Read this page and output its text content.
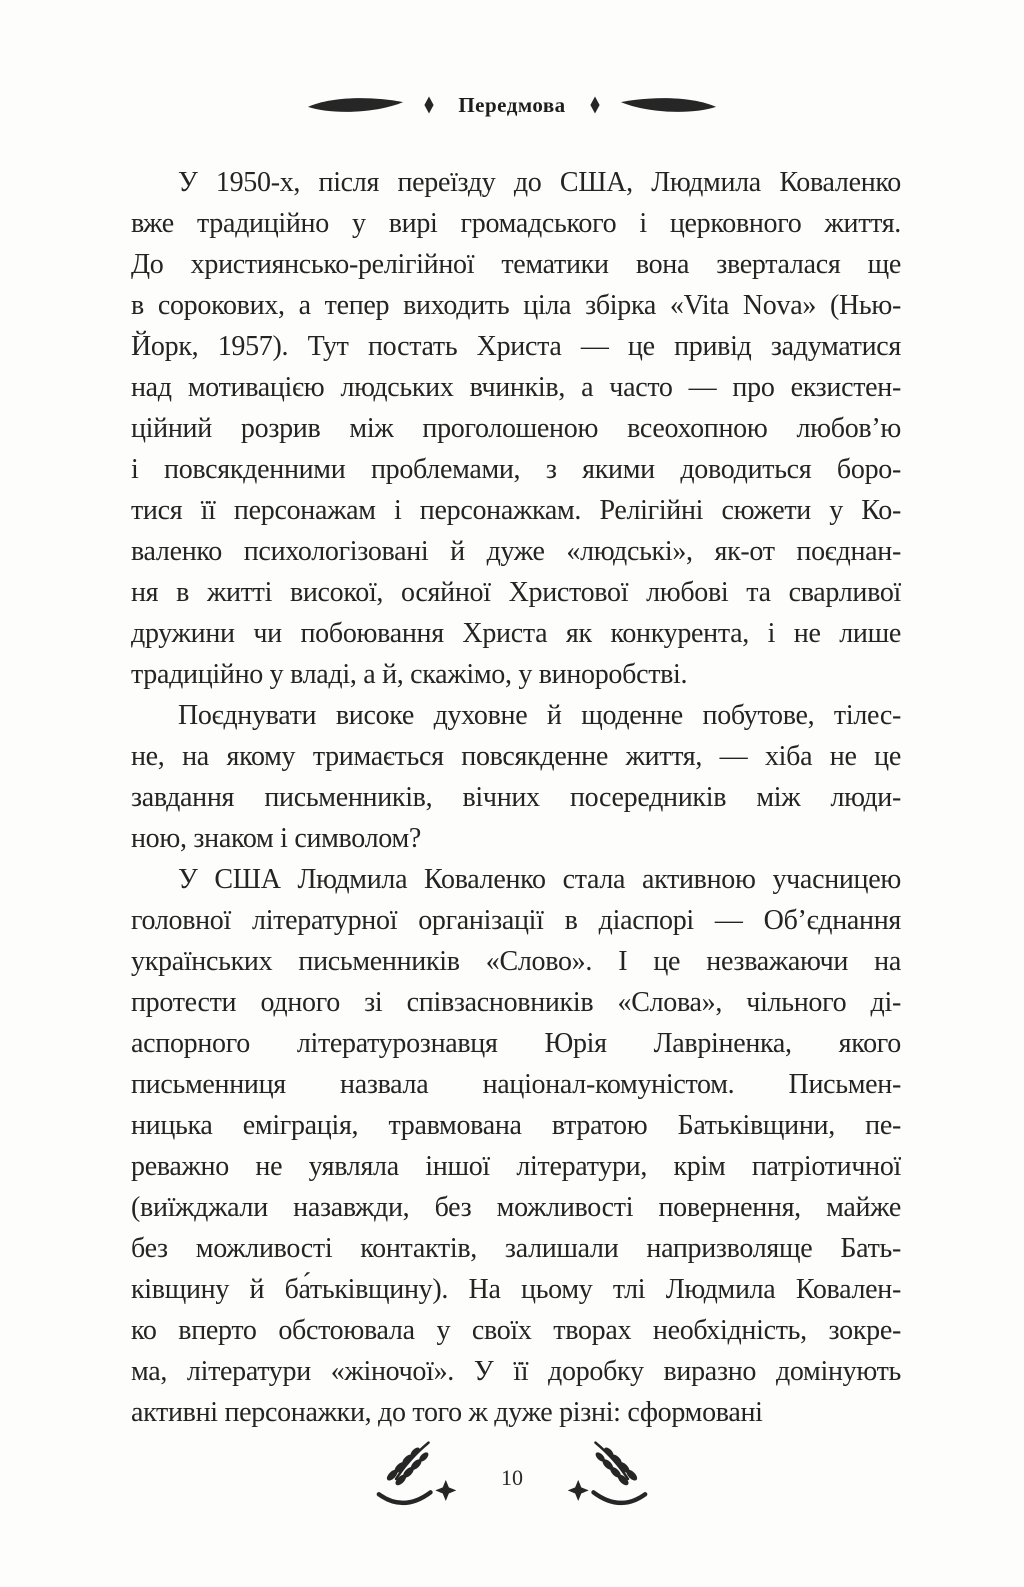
Передмова
У 1950-х, після переїзду до США, Людмила Коваленко
вже традиційно у вирі громадського і церковного життя.
До християнсько-релігійної тематики вона зверталася ще
в сорокових, а тепер виходить ціла збірка «Vita Nova» (Нью-
Йорк, 1957). Тут постать Христа — це привід задуматися
над мотивацією людських вчинків, а часто — про екзистен-
ційний розрив між проголошеною всеохопною любов’ю
і повсякденними проблемами, з якими доводиться боро-
тися її персонажам і персонажкам. Релігійні сюжети у Ко-
валенко психологізовані й дуже «людські», як-от поєднан-
ня в житті високої, осяйної Христової любові та сварливої
дружини чи побоювання Христа як конкурента, і не лише
традиційно у владі, а й, скажімо, у виноробстві.
Поєднувати високе духовне й щоденне побутове, тілес-
не, на якому тримається повсякденне життя, — хіба не це
завдання письменників, вічних посередників між люди-
ною, знаком і символом?
У США Людмила Коваленко стала активною учасницею
головної літературної організації в діаспорі — Об’єднання
українських письменників «Слово». І це незважаючи на
протести одного зі співзасновників «Слова», чільного ді-
аспорного літературознавця Юрія Лавріненка, якого
письменниця назвала націонал-комуністом. Письмен-
ницька еміграція, травмована втратою Батьківщини, пе-
реважно не уявляла іншої літератури, крім патріотичної
(виїжджали назавжди, без можливості повернення, майже
без можливості контактів, залишали напризволяще Бать-
ківщину й ба́тьківщину). На цьому тлі Людмила Ковален-
ко вперто обстоювала у своїх творах необхідність, зокре-
ма, літератури «жіночої». У її доробку виразно домінують
активні персонажки, до того ж дуже різні: сформовані
10
